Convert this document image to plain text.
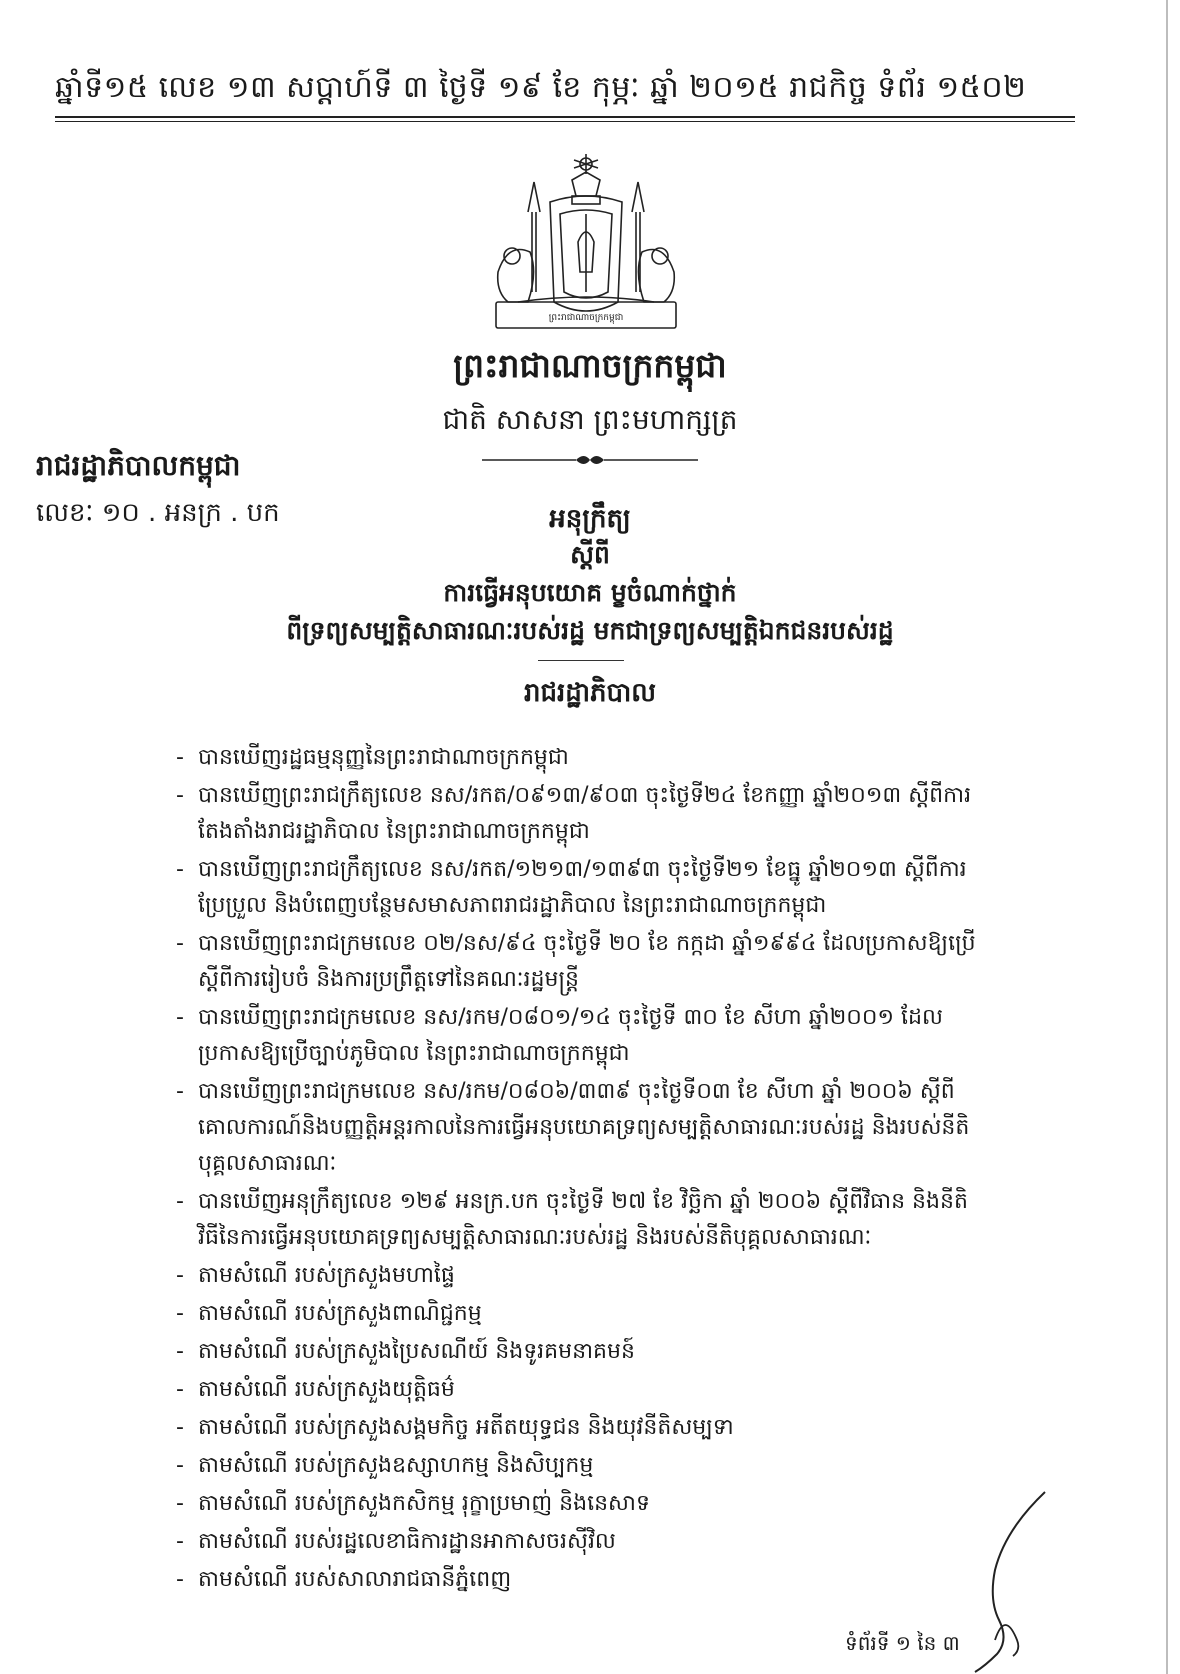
ឆ្នាំទី១៥ លេខ ១៣ សប្តាហ៍ទី ៣ ថ្ងៃទី ១៩ ខែ កុម្ភៈ ឆ្នាំ ២០១៥ រាជកិច្ច ទំព័រ ១៥០២
ព្រះរាជាណាចក្រកម្ពុជា
ព្រះរាជាណាចក្រកម្ពុជា
ជាតិ សាសនា ព្រះមហាក្សត្រ
រាជរដ្ឋាភិបាលកម្ពុជា
លេខៈ ១០ . អនក្រ . បក	អនុក្រឹត្យ
ស្តីពី
ការធ្វើអនុបយោគ ម្ខចំណាក់ថ្នាក់
ពីទ្រព្យសម្បត្តិសាធារណៈរបស់រដ្ឋ មកជាទ្រព្យសម្បត្តិឯកជនរបស់រដ្ឋ
រាជរដ្ឋាភិបាល
- បានឃើញរដ្ឋធម្មនុញ្ញនៃព្រះរាជាណាចក្រកម្ពុជា
- បានឃើញព្រះរាជក្រឹត្យលេខ នស/រកត/០៩១៣/៩០៣ ចុះថ្ងៃទី២៤ ខែកញ្ញា ឆ្នាំ២០១៣ ស្តីពីការតែងតាំងរាជរដ្ឋាភិបាល នៃព្រះរាជាណាចក្រកម្ពុជា
- បានឃើញព្រះរាជក្រឹត្យលេខ នស/រកត/១២១៣/១៣៩៣ ចុះថ្ងៃទី២១ ខែធ្នូ ឆ្នាំ២០១៣ ស្តីពីការប្រែប្រួល និងបំពេញបន្ថែមសមាសភាពរាជរដ្ឋាភិបាល នៃព្រះរាជាណាចក្រកម្ពុជា
- បានឃើញព្រះរាជក្រមលេខ ០២/នស/៩៤ ចុះថ្ងៃទី ២០ ខែ កក្កដា ឆ្នាំ១៩៩៤ ដែលប្រកាសឱ្យប្រើស្តីពីការរៀបចំ និងការប្រព្រឹត្តទៅនៃគណៈរដ្ឋមន្ត្រី
- បានឃើញព្រះរាជក្រមលេខ នស/រកម/០៨០១/១៤ ចុះថ្ងៃទី ៣០ ខែ សីហា ឆ្នាំ២០០១ ដែលប្រកាសឱ្យប្រើច្បាប់ភូមិបាល នៃព្រះរាជាណាចក្រកម្ពុជា
- បានឃើញព្រះរាជក្រមលេខ នស/រកម/០៨០៦/៣៣៩ ចុះថ្ងៃទី០៣ ខែ សីហា ឆ្នាំ ២០០៦ ស្តីពីគោលការណ៍និងបញ្ញត្តិអន្តរកាលនៃការធ្វើអនុបយោគទ្រព្យសម្បត្តិសាធារណៈរបស់រដ្ឋ និងរបស់នីតិបុគ្គលសាធារណៈ
- បានឃើញអនុក្រឹត្យលេខ ១២៩ អនក្រ.បក ចុះថ្ងៃទី ២៧ ខែ វិច្ឆិកា ឆ្នាំ ២០០៦ ស្តីពីវិធាន និងនីតិវិធីនៃការធ្វើអនុបយោគទ្រព្យសម្បត្តិសាធារណៈរបស់រដ្ឋ និងរបស់នីតិបុគ្គលសាធារណៈ
- តាមសំណើ របស់ក្រសួងមហាផ្ទៃ
- តាមសំណើ របស់ក្រសួងពាណិជ្ជកម្ម
- តាមសំណើ របស់ក្រសួងប្រៃសណីយ៍ និងទូរគមនាគមន៍
- តាមសំណើ របស់ក្រសួងយុត្តិធម៌
- តាមសំណើ របស់ក្រសួងសង្គមកិច្ច អតីតយុទ្ធជន និងយុវនីតិសម្បទា
- តាមសំណើ របស់ក្រសួងឧស្សាហកម្ម និងសិប្បកម្ម
- តាមសំណើ របស់ក្រសួងកសិកម្ម រុក្ខាប្រមាញ់ និងនេសាទ
- តាមសំណើ របស់រដ្ឋលេខាធិការដ្ឋានអាកាសចរស៊ីវិល
- តាមសំណើ របស់សាលារាជធានីភ្នំពេញ
ទំព័រទី ១ នៃ ៣
